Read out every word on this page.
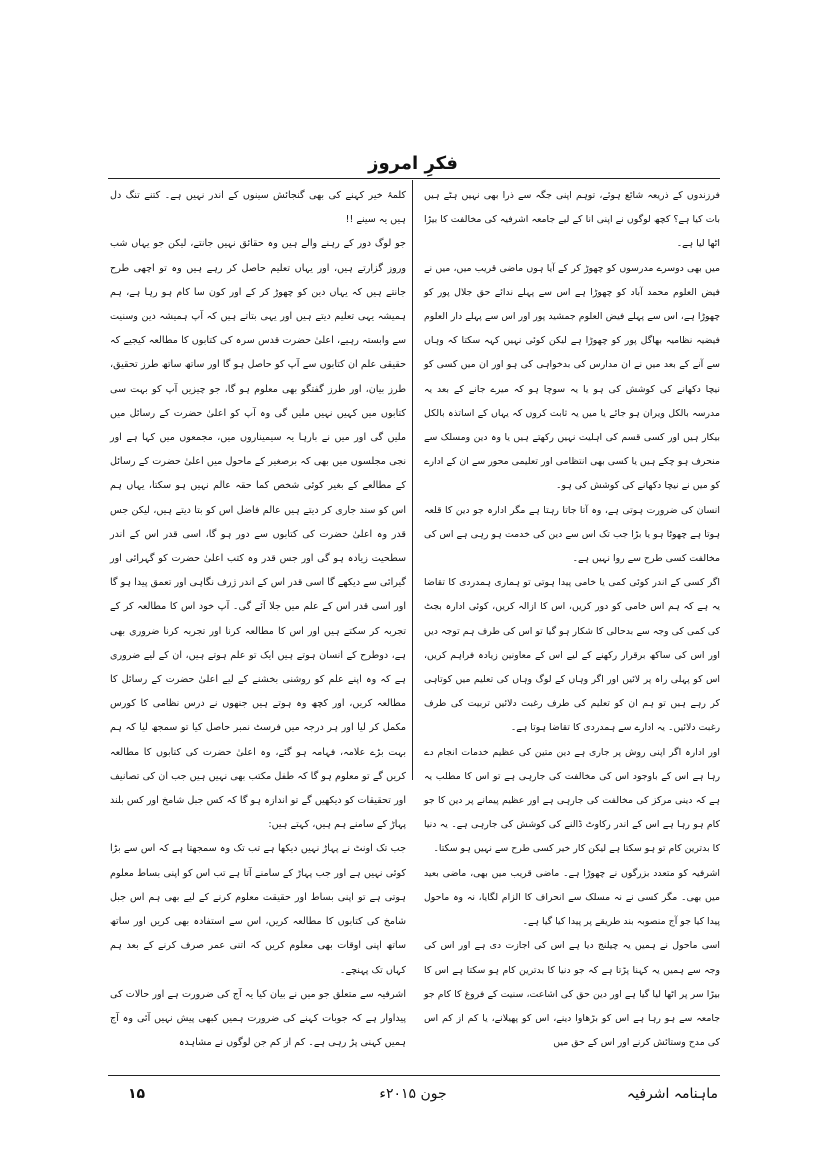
فکرِ امروز

فرزندوں کے ذریعہ شائع ہوئے، توہم اپنی جگہ سے ذرا بھی نہیں ہٹے ہیں بات کیا ہے؟ کچھ لوگوں نے اپنی انا کے لیے جامعہ اشرفیہ کی مخالفت کا بیڑا اٹھا لیا ہے۔

میں بھی دوسرے مدرسوں کو چھوڑ کر کے آیا ہوں ماضی قریب میں، میں نے فیض العلوم محمد آباد کو چھوڑا ہے اس سے پہلے ندائے حق جلال پور کو چھوڑا ہے، اس سے پہلے فیض العلوم جمشید پور اور اس سے پہلے دار العلوم فیضیہ نظامیہ بھاگل پور کو چھوڑا ہے لیکن کوئی نہیں کہہ سکتا کہ وہاں سے آنے کے بعد میں نے ان مدارس کی بدخواہی کی ہو اور ان میں کسی کو نیچا دکھانے کی کوشش کی ہو یا یہ سوچا ہو کہ میرے جانے کے بعد یہ مدرسہ بالکل ویران ہو جائے یا میں یہ ثابت کروں کہ یہاں کے اساتذہ بالکل بیکار ہیں اور کسی قسم کی اہلیت نہیں رکھتے ہیں یا وہ دین ومسلک سے منحرف ہو چکے ہیں یا کسی بھی انتظامی اور تعلیمی محور سے ان کے ادارے کو میں نے نیچا دکھانے کی کوشش کی ہو۔

انسان کی ضرورت ہوتی ہے، وہ آتا جاتا رہتا ہے مگر ادارہ جو دین کا قلعہ ہوتا ہے چھوٹا ہو یا بڑا جب تک اس سے دین کی خدمت ہو رہی ہے اس کی مخالفت کسی طرح سے روا نہیں ہے۔

اگر کسی کے اندر کوئی کمی یا خامی پیدا ہوتی تو ہماری ہمدردی کا تقاضا یہ ہے کہ ہم اس خامی کو دور کریں، اس کا ازالہ کریں، کوئی ادارہ بجٹ کی کمی کی وجہ سے بدحالی کا شکار ہو گیا تو اس کی طرف ہم توجہ دیں اور اس کی ساکھ برقرار رکھنے کے لیے اس کے معاونین زیادہ فراہم کریں، اس کو پہلی راہ پر لائیں اور اگر وہاں کے لوگ وہاں کی تعلیم میں کوتاہی کر رہے ہیں تو ہم ان کو تعلیم کی طرف رغبت دلائیں تربیت کی طرف رغبت دلائیں۔ یہ ادارے سے ہمدردی کا تقاضا ہوتا ہے۔

اور ادارہ اگر اپنی روش پر جاری ہے دین متین کی عظیم خدمات انجام دے رہا ہے اس کے باوجود اس کی مخالفت کی جارہی ہے تو اس کا مطلب یہ ہے کہ دینی مرکز کی مخالفت کی جارہی ہے اور عظیم پیمانے پر دین کا جو کام ہو رہا ہے اس کے اندر رکاوٹ ڈالنے کی کوشش کی جارہی ہے۔ یہ دنیا کا بدترین کام تو ہو سکتا ہے لیکن کار خیر کسی طرح سے نہیں ہو سکتا۔

اشرفیہ کو متعدد بزرگوں نے چھوڑا ہے۔ ماضی قریب میں بھی، ماضی بعید میں بھی۔ مگر کسی نے نہ مسلک سے انحراف کا الزام لگایا، نہ وہ ماحول پیدا کیا جو آج منصوبہ بند طریقے پر پیدا کیا گیا ہے۔

اسی ماحول نے ہمیں یہ چیلنج دیا ہے اس کی اجازت دی ہے اور اس کی وجہ سے ہمیں یہ کہنا پڑتا ہے کہ جو دنیا کا بدترین کام ہو سکتا ہے اس کا بیڑا سر پر اٹھا لیا گیا ہے اور دین حق کی اشاعت، سنیت کے فروغ کا کام جو جامعہ سے ہو رہا ہے اس کو بڑھاوا دینے، اس کو پھیلانے، یا کم از کم اس کی مدح وستائش کرنے اور اس کے حق میں

کلمۂ خیر کہنے کی بھی گنجائش سینوں کے اندر نہیں ہے۔ کتنے تنگ دل ہیں یہ سینے !!

جو لوگ دور کے رہنے والے ہیں وہ حقائق نہیں جانتے، لیکن جو یہاں شب وروز گزارتے ہیں، اور یہاں تعلیم حاصل کر رہے ہیں وہ تو اچھی طرح جانتے ہیں کہ یہاں دین کو چھوڑ کر کے اور کون سا کام ہو رہا ہے، ہم ہمیشہ یہی تعلیم دیتے ہیں اور یہی بتاتے ہیں کہ آپ ہمیشہ دین وسنیت سے وابستہ رہیے، اعلیٰ حضرت قدس سرہ کی کتابوں کا مطالعہ کیجیے کہ حقیقی علم ان کتابوں سے آپ کو حاصل ہو گا اور ساتھ ساتھ طرز تحقیق، طرز بیان، اور طرز گفتگو بھی معلوم ہو گا، جو چیزیں آپ کو بہت سی کتابوں میں کہیں نہیں ملیں گی وہ آپ کو اعلیٰ حضرت کے رسائل میں ملیں گی اور میں نے بارہا یہ سیمیناروں میں، مجمعوں میں کہا ہے اور نجی مجلسوں میں بھی کہ برصغیر کے ماحول میں اعلیٰ حضرت کے رسائل کے مطالعے کے بغیر کوئی شخص کما حقہ عالم نہیں ہو سکتا، یہاں ہم اس کو سند جاری کر دیتے ہیں عالم فاضل اس کو بتا دیتے ہیں، لیکن جس قدر وہ اعلیٰ حضرت کی کتابوں سے دور ہو گا، اسی قدر اس کے اندر سطحیت زیادہ ہو گی اور جس قدر وہ کتب اعلیٰ حضرت کو گہرائی اور گیرائی سے دیکھے گا اسی قدر اس کے اندر ژرف نگاہی اور تعمق پیدا ہو گا اور اسی قدر اس کے علم میں جلا آئے گی۔ آپ خود اس کا مطالعہ کر کے تجربہ کر سکتے ہیں اور اس کا مطالعہ کرنا اور تجربہ کرنا ضروری بھی ہے، دوطرح کے انسان ہوتے ہیں ایک تو علم ہوتے ہیں، ان کے لیے ضروری ہے کہ وہ اپنے علم کو روشنی بخشنے کے لیے اعلیٰ حضرت کے رسائل کا مطالعہ کریں، اور کچھ وہ ہوتے ہیں جنھوں نے درس نظامی کا کورس مکمل کر لیا اور ہر درجہ میں فرسٹ نمبر حاصل کیا تو سمجھ لیا کہ ہم بہت بڑے علامہ، فہامہ ہو گئے، وہ اعلیٰ حضرت کی کتابوں کا مطالعہ کریں گے تو معلوم ہو گا کہ طفل مکتب بھی نہیں ہیں جب ان کی تصانیف اور تحقیقات کو دیکھیں گے تو اندازہ ہو گا کہ کس جبل شامخ اور کس بلند پہاڑ کے سامنے ہم ہیں، کہتے ہیں:

جب تک اونٹ نے پہاڑ نہیں دیکھا ہے تب تک وہ سمجھتا ہے کہ اس سے بڑا کوئی نہیں ہے اور جب پہاڑ کے سامنے آتا ہے تب اس کو اپنی بساط معلوم ہوتی ہے تو اپنی بساط اور حقیقت معلوم کرنے کے لیے بھی ہم اس جبل شامخ کی کتابوں کا مطالعہ کریں، اس سے استفادہ بھی کریں اور ساتھ ساتھ اپنی اوقات بھی معلوم کریں کہ اتنی عمر صرف کرنے کے بعد ہم کہاں تک پہنچے۔

اشرفیہ سے متعلق جو میں نے بیان کیا یہ آج کی ضرورت ہے اور حالات کی پیداوار ہے کہ جوبات کہنے کی ضرورت ہمیں کبھی پیش نہیں آئی وہ آج ہمیں کہنی پڑ رہی ہے۔ کم از کم جن لوگوں نے مشاہدہ

ماہنامہ اشرفیہ
جون ۲۰۱۵ء
۱۵
